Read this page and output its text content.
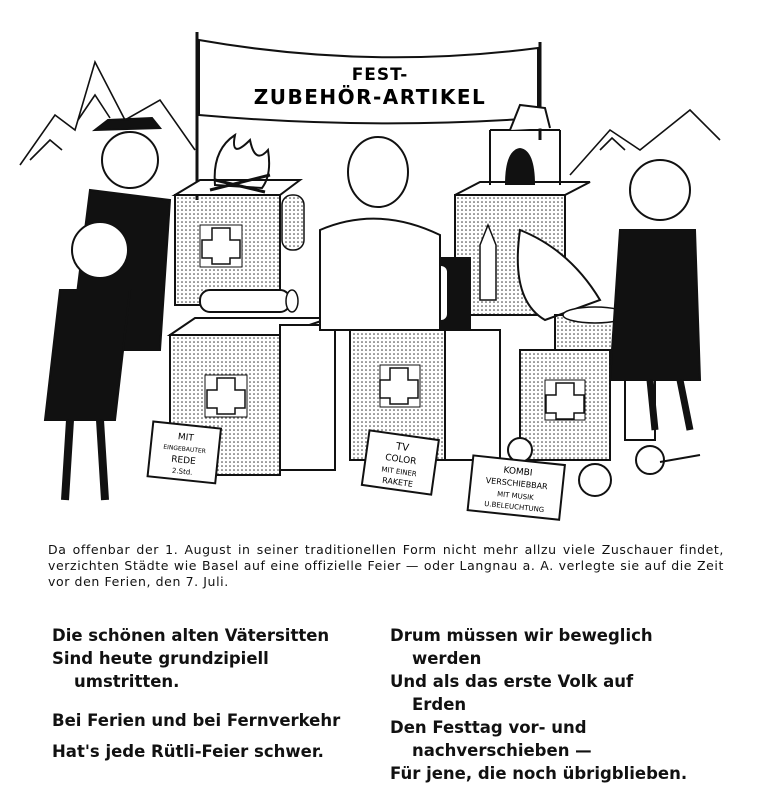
FEST-
ZUBEHÖR-ARTIKEL
MIT
EINGEBAUTER
REDE
2.Std.
TV
COLOR
MIT EINER
RAKETE
KOMBI
VERSCHIEBBAR
MIT MUSIK
U.BELEUCHTUNG

Da offenbar der 1. August in seiner traditionellen Form nicht mehr allzu viele Zuschauer findet, verzichten Städte wie Basel auf eine offizielle Feier — oder Langnau a. A. verlegte sie auf die Zeit vor den Ferien, den 7. Juli.

Die schönen alten Vätersitten
Sind heute grundzipiell
umstritten.
Bei Ferien und bei Fernverkehr
Hat's jede Rütli-Feier schwer.
Drum müssen wir beweglich
werden
Und als das erste Volk auf
Erden
Den Festtag vor- und
nachverschieben —
Für jene, die noch übrigblieben.
